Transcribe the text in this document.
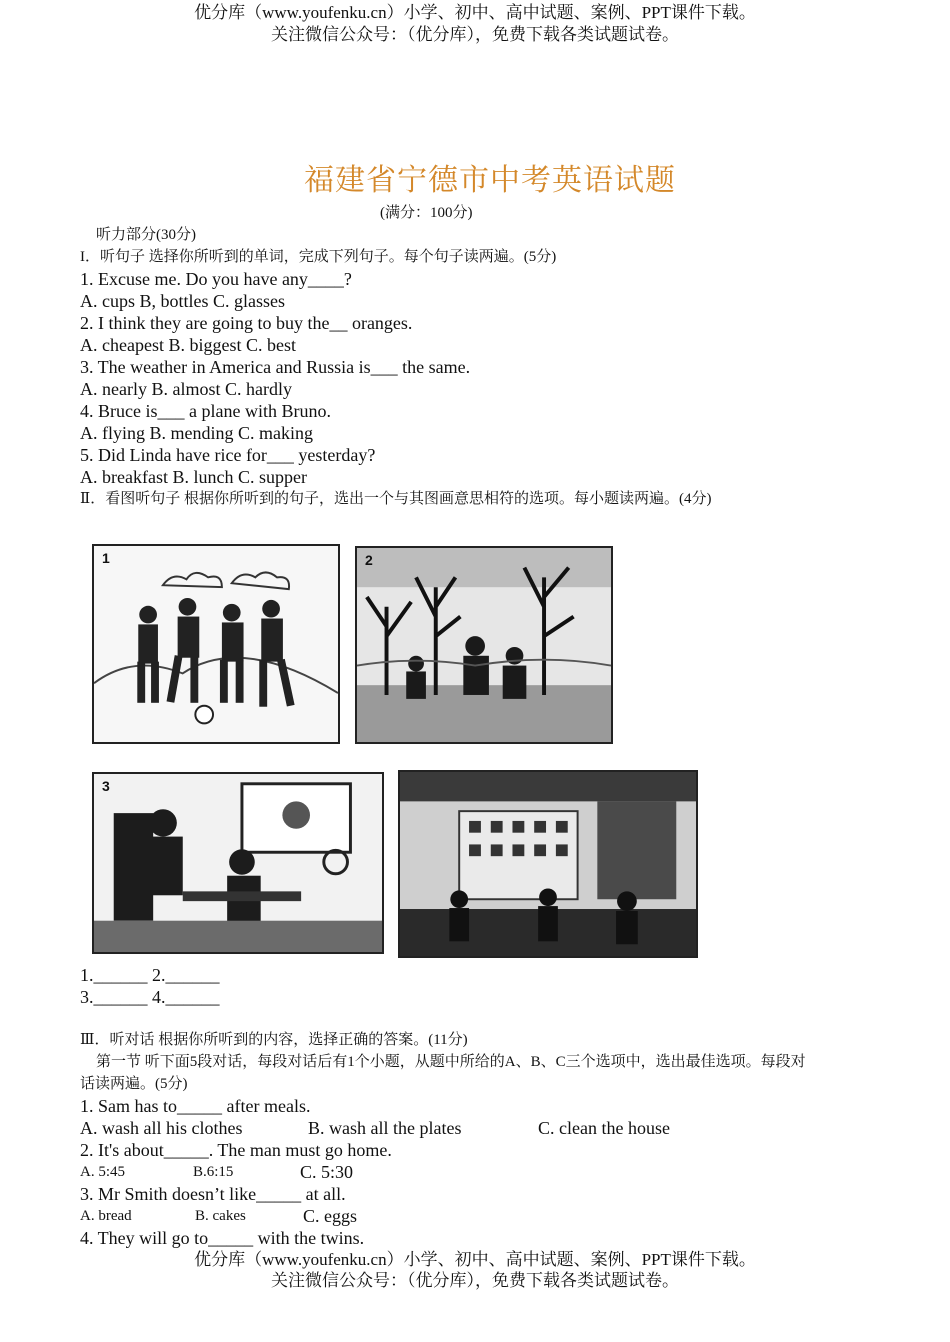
优分库（www.youfenku.cn）小学、初中、高中试题、案例、PPT课件下载。
关注微信公众号：（优分库），免费下载各类试题试卷。
福建省宁德市中考英语试题
(满分：100分)
听力部分(30分)
I．听句子 选择你所听到的单词，完成下列句子。每个句子读两遍。(5分)
1. Excuse me. Do you have any____?
A. cups B, bottles C. glasses
2. I think they are going to buy the__ oranges.
A. cheapest B. biggest C. best
3. The weather in America and Russia is___ the same.
A. nearly B. almost C. hardly
4. Bruce is___ a plane with Bruno.
A. flying B. mending C. making
5. Did Linda have rice for___ yesterday?
A. breakfast B. lunch C. supper
Ⅱ．看图听句子 根据你所听到的句子，选出一个与其图画意思相符的选项。每小题读两遍。(4分)
1	2
3
1.______ 2.______
3.______ 4.______
Ⅲ．听对话 根据你所听到的内容，选择正确的答案。(11分)
第一节 听下面5段对话，每段对话后有1个小题，从题中所给的A、B、C三个选项中，选出最佳选项。每段对
话读两遍。(5分)
1. Sam has to_____ after meals.
A. wash all his clothes	B. wash all the plates	C. clean the house
2. It's about_____. The man must go home.
A. 5:45	B.6:15	C. 5:30
3. Mr Smith doesn’t like_____ at all.
A. bread	B. cakes	C. eggs
4. They will go to_____ with the twins.
优分库（www.youfenku.cn）小学、初中、高中试题、案例、PPT课件下载。
关注微信公众号：（优分库），免费下载各类试题试卷。
